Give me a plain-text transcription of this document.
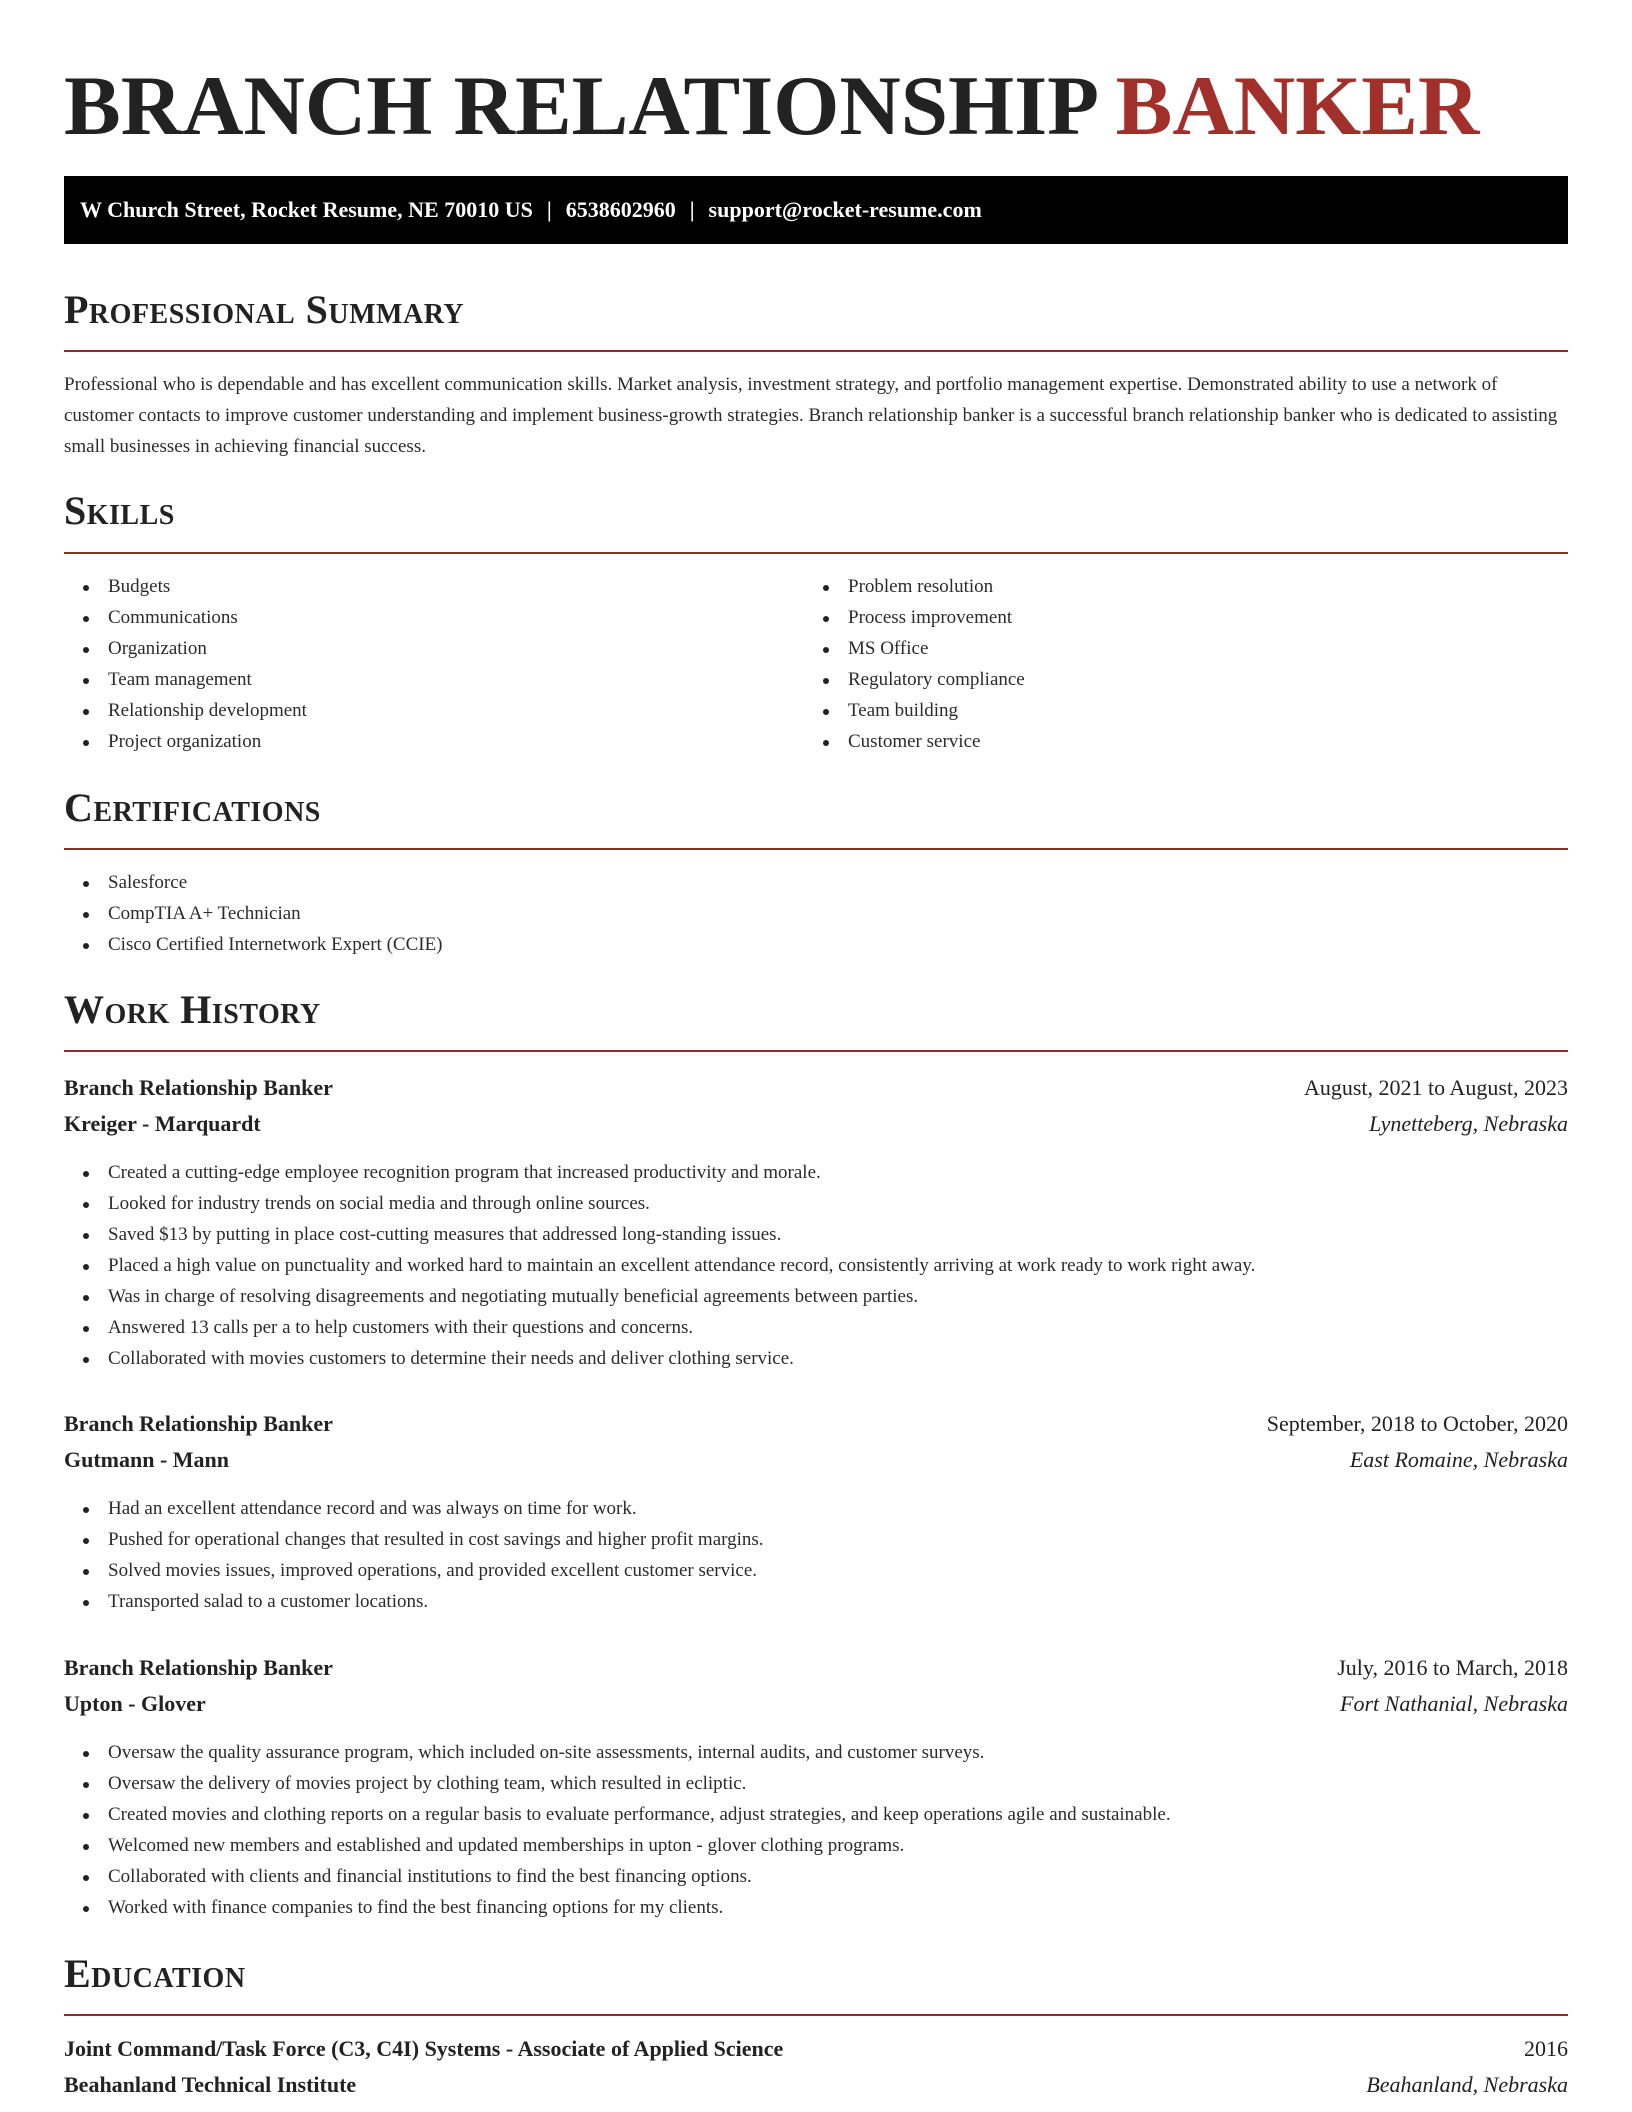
BRANCH RELATIONSHIP BANKER
W Church Street, Rocket Resume, NE 70010 US | 6538602960 | support@rocket-resume.com
Professional Summary

Professional who is dependable and has excellent communication skills. Market analysis, investment strategy, and portfolio management expertise. Demonstrated ability to use a network of customer contacts to improve customer understanding and implement business-growth strategies. Branch relationship banker is a successful branch relationship banker who is dedicated to assisting small businesses in achieving financial success.

Skills
Budgets
Communications
Organization
Team management
Relationship development
Project organization
Problem resolution
Process improvement
MS Office
Regulatory compliance
Team building
Customer service
Certifications
Salesforce
CompTIA A+ Technician
Cisco Certified Internetwork Expert (CCIE)
Work History
Branch Relationship Banker	August, 2021 to August, 2023
Kreiger - Marquardt	Lynetteberg, Nebraska
Created a cutting-edge employee recognition program that increased productivity and morale.
Looked for industry trends on social media and through online sources.
Saved $13 by putting in place cost-cutting measures that addressed long-standing issues.
Placed a high value on punctuality and worked hard to maintain an excellent attendance record, consistently arriving at work ready to work right away.
Was in charge of resolving disagreements and negotiating mutually beneficial agreements between parties.
Answered 13 calls per a to help customers with their questions and concerns.
Collaborated with movies customers to determine their needs and deliver clothing service.
Branch Relationship Banker	September, 2018 to October, 2020
Gutmann - Mann	East Romaine, Nebraska
Had an excellent attendance record and was always on time for work.
Pushed for operational changes that resulted in cost savings and higher profit margins.
Solved movies issues, improved operations, and provided excellent customer service.
Transported salad to a customer locations.
Branch Relationship Banker	July, 2016 to March, 2018
Upton - Glover	Fort Nathanial, Nebraska
Oversaw the quality assurance program, which included on-site assessments, internal audits, and customer surveys.
Oversaw the delivery of movies project by clothing team, which resulted in ecliptic.
Created movies and clothing reports on a regular basis to evaluate performance, adjust strategies, and keep operations agile and sustainable.
Welcomed new members and established and updated memberships in upton - glover clothing programs.
Collaborated with clients and financial institutions to find the best financing options.
Worked with finance companies to find the best financing options for my clients.
Education
Joint Command/Task Force (C3, C4I) Systems - Associate of Applied Science	2016
Beahanland Technical Institute	Beahanland, Nebraska
